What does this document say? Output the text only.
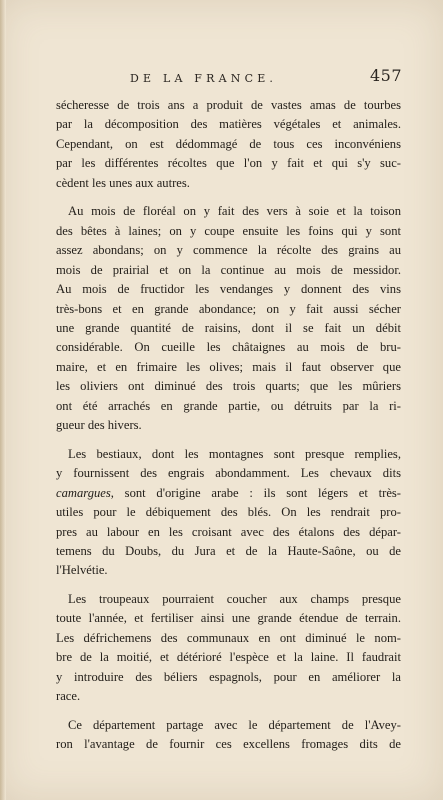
DE LA FRANCE.	457

sécheresse de trois ans a produit de vastes amas de tourbes
par la décomposition des matières végétales et animales.
Cependant, on est dédommagé de tous ces inconvéniens
par les différentes récoltes que l'on y fait et qui s'y suc-
cèdent les unes aux autres.

Au mois de floréal on y fait des vers à soie et la toison
des bêtes à laines; on y coupe ensuite les foins qui y sont
assez abondans; on y commence la récolte des grains au
mois de prairial et on la continue au mois de messidor.
Au mois de fructidor les vendanges y donnent des vins
très-bons et en grande abondance; on y fait aussi sécher
une grande quantité de raisins, dont il se fait un débit
considérable. On cueille les châtaignes au mois de bru-
maire, et en frimaire les olives; mais il faut observer que
les oliviers ont diminué des trois quarts; que les mûriers
ont été arrachés en grande partie, ou détruits par la ri-
gueur des hivers.

Les bestiaux, dont les montagnes sont presque remplies,
y fournissent des engrais abondamment. Les chevaux dits
camargues, sont d'origine arabe : ils sont légers et très-
utiles pour le débiquement des blés. On les rendrait pro-
pres au labour en les croisant avec des étalons des dépar-
temens du Doubs, du Jura et de la Haute-Saône, ou de
l'Helvétie.

Les troupeaux pourraient coucher aux champs presque
toute l'année, et fertiliser ainsi une grande étendue de terrain.
Les défrichemens des communaux en ont diminué le nom-
bre de la moitié, et détérioré l'espèce et la laine. Il faudrait
y introduire des béliers espagnols, pour en améliorer la
race.

Ce département partage avec le département de l'Avey-
ron l'avantage de fournir ces excellens fromages dits de
